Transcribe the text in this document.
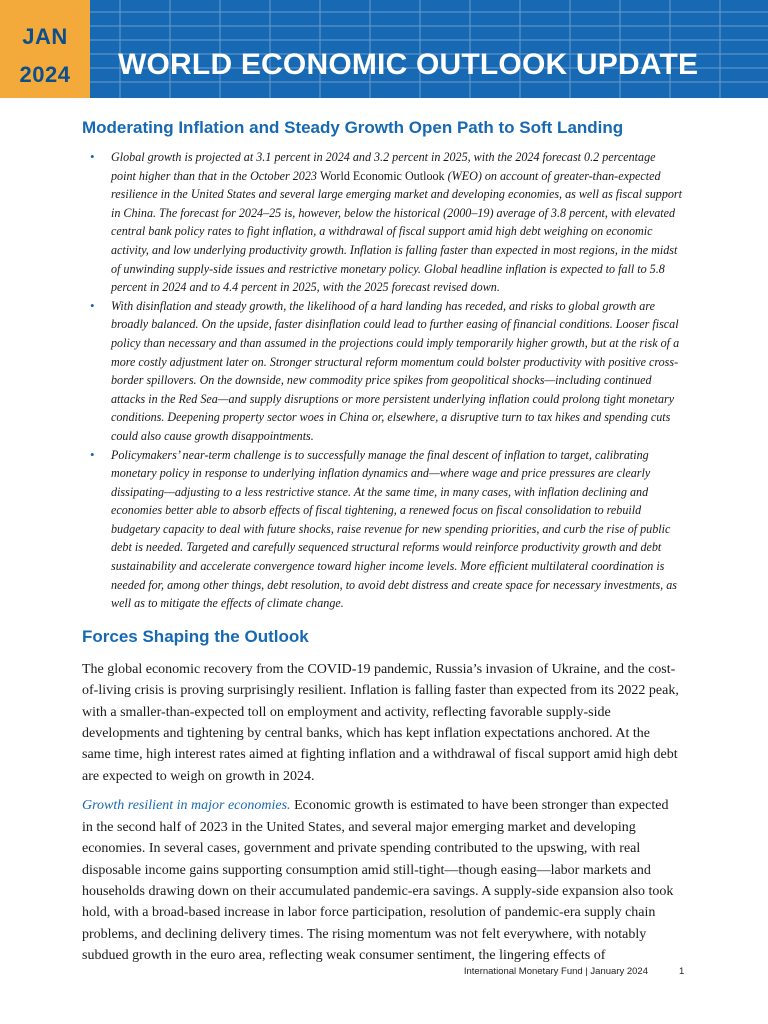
JAN
2024	WORLD ECONOMIC OUTLOOK UPDATE
Moderating Inflation and Steady Growth Open Path to Soft Landing
• Global growth is projected at 3.1 percent in 2024 and 3.2 percent in 2025, with the 2024 forecast 0.2 percentage point higher than that in the October 2023 World Economic Outlook (WEO) on account of greater-than-expected resilience in the United States and several large emerging market and developing economies, as well as fiscal support in China. The forecast for 2024–25 is, however, below the historical (2000–19) average of 3.8 percent, with elevated central bank policy rates to fight inflation, a withdrawal of fiscal support amid high debt weighing on economic activity, and low underlying productivity growth. Inflation is falling faster than expected in most regions, in the midst of unwinding supply-side issues and restrictive monetary policy. Global headline inflation is expected to fall to 5.8 percent in 2024 and to 4.4 percent in 2025, with the 2025 forecast revised down.
• With disinflation and steady growth, the likelihood of a hard landing has receded, and risks to global growth are broadly balanced. On the upside, faster disinflation could lead to further easing of financial conditions. Looser fiscal policy than necessary and than assumed in the projections could imply temporarily higher growth, but at the risk of a more costly adjustment later on. Stronger structural reform momentum could bolster productivity with positive cross-border spillovers. On the downside, new commodity price spikes from geopolitical shocks—including continued attacks in the Red Sea—and supply disruptions or more persistent underlying inflation could prolong tight monetary conditions. Deepening property sector woes in China or, elsewhere, a disruptive turn to tax hikes and spending cuts could also cause growth disappointments.
• Policymakers’ near-term challenge is to successfully manage the final descent of inflation to target, calibrating monetary policy in response to underlying inflation dynamics and—where wage and price pressures are clearly dissipating—adjusting to a less restrictive stance. At the same time, in many cases, with inflation declining and economies better able to absorb effects of fiscal tightening, a renewed focus on fiscal consolidation to rebuild budgetary capacity to deal with future shocks, raise revenue for new spending priorities, and curb the rise of public debt is needed. Targeted and carefully sequenced structural reforms would reinforce productivity growth and debt sustainability and accelerate convergence toward higher income levels. More efficient multilateral coordination is needed for, among other things, debt resolution, to avoid debt distress and create space for necessary investments, as well as to mitigate the effects of climate change.
Forces Shaping the Outlook

The global economic recovery from the COVID-19 pandemic, Russia’s invasion of Ukraine, and the cost-of-living crisis is proving surprisingly resilient. Inflation is falling faster than expected from its 2022 peak, with a smaller-than-expected toll on employment and activity, reflecting favorable supply-side developments and tightening by central banks, which has kept inflation expectations anchored. At the same time, high interest rates aimed at fighting inflation and a withdrawal of fiscal support amid high debt are expected to weigh on growth in 2024.

Growth resilient in major economies. Economic growth is estimated to have been stronger than expected in the second half of 2023 in the United States, and several major emerging market and developing economies. In several cases, government and private spending contributed to the upswing, with real disposable income gains supporting consumption amid still-tight—though easing—labor markets and households drawing down on their accumulated pandemic-era savings. A supply-side expansion also took hold, with a broad-based increase in labor force participation, resolution of pandemic-era supply chain problems, and declining delivery times. The rising momentum was not felt everywhere, with notably subdued growth in the euro area, reflecting weak consumer sentiment, the lingering effects of

International Monetary Fund | January 2024	1
